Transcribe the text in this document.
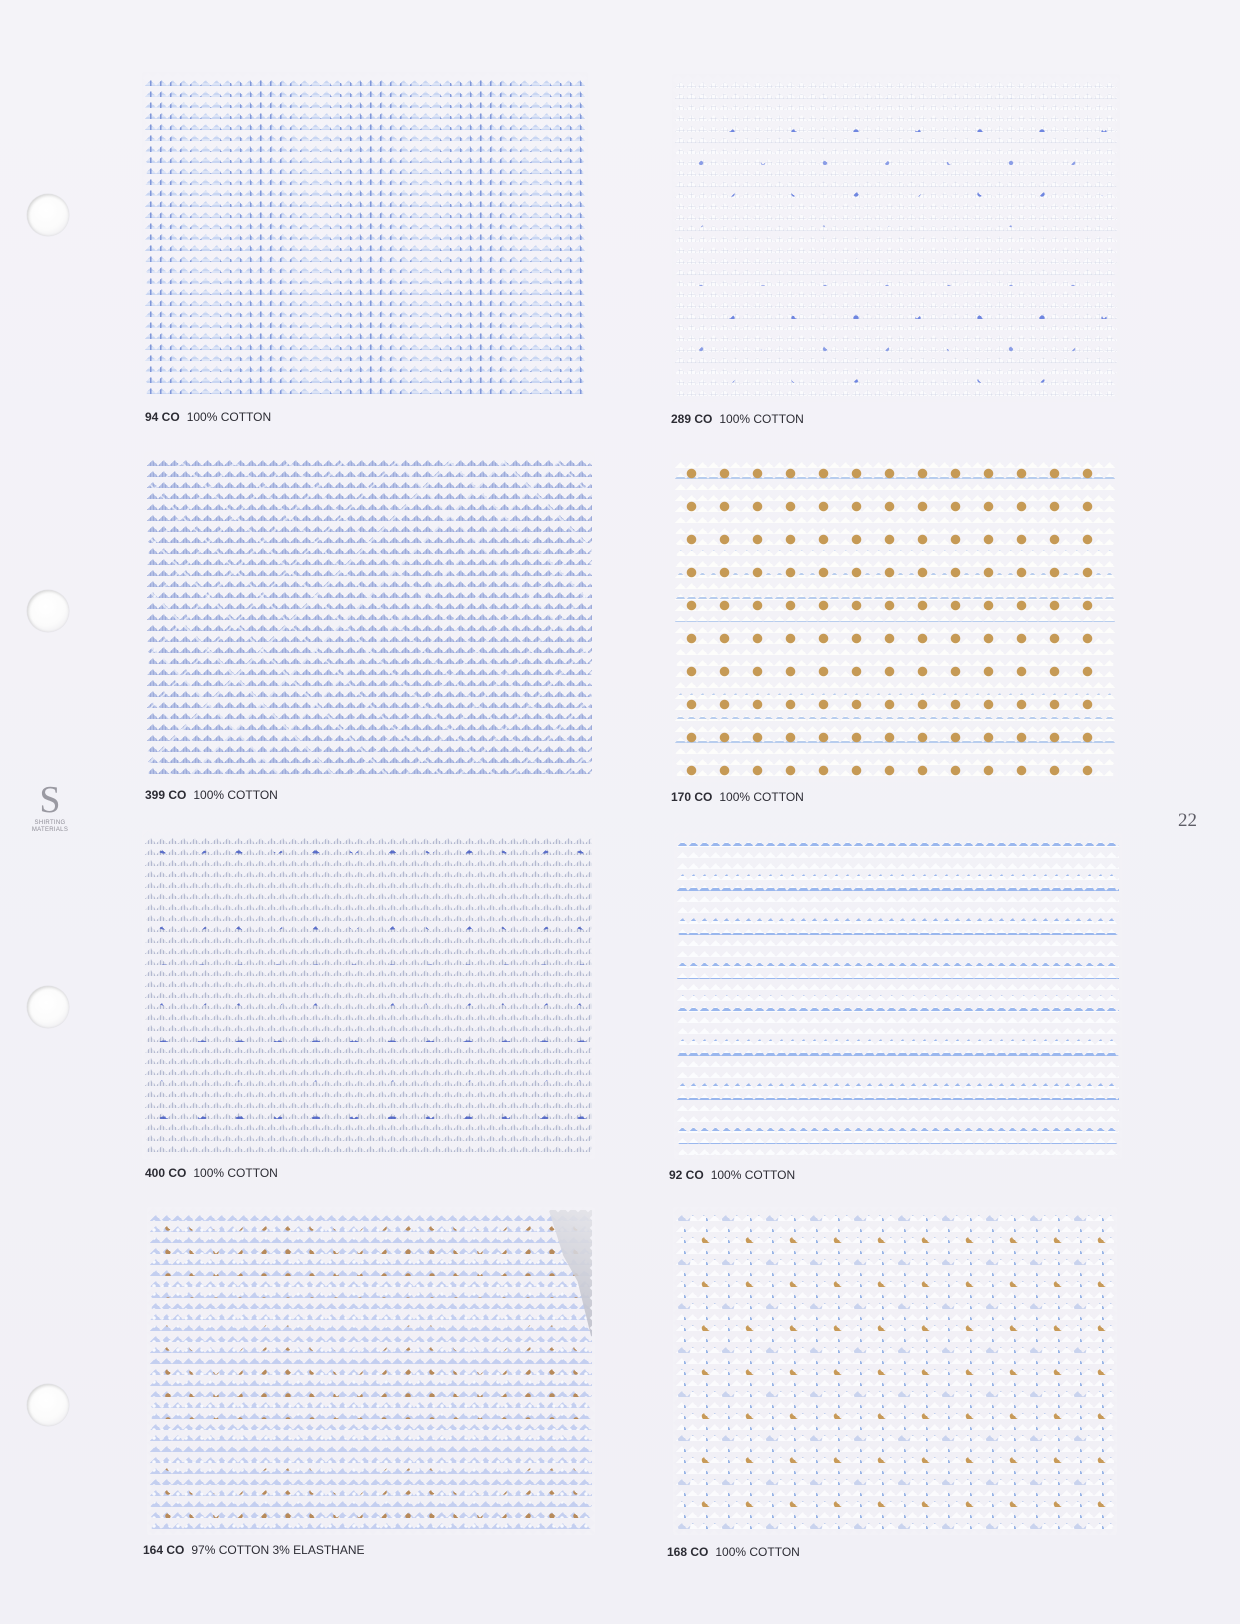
S
SHIRTING MATERIALS	22
94 CO 100% COTTON	289 CO 100% COTTON
399 CO 100% COTTON	170 CO 100% COTTON
400 CO 100% COTTON	92 CO 100% COTTON
164 CO 97% COTTON 3% ELASTHANE	168 CO 100% COTTON
